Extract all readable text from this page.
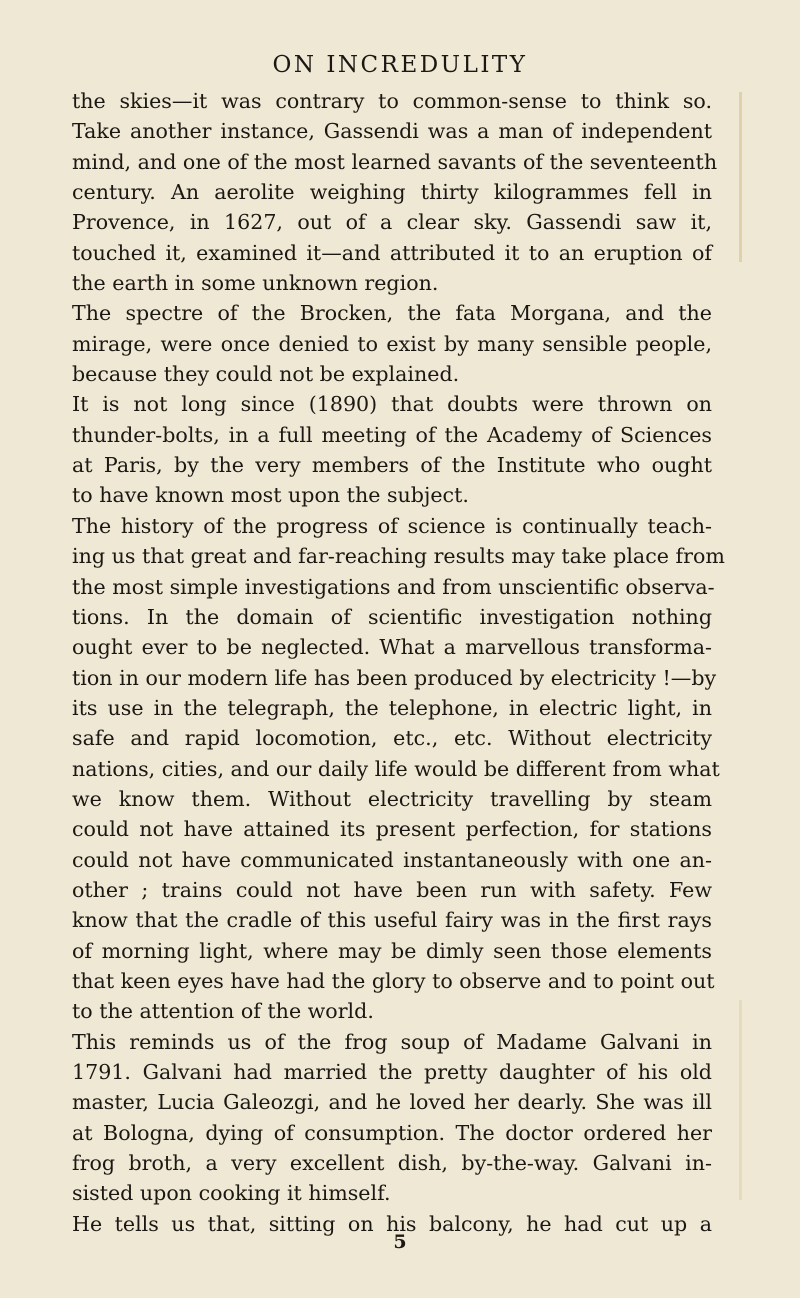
ON INCREDULITY
the skies—it was contrary to common-sense to think so.
Take another instance, Gassendi was a man of independent
mind, and one of the most learned savants of the seventeenth
century. An aerolite weighing thirty kilogrammes fell in
Provence, in 1627, out of a clear sky. Gassendi saw it,
touched it, examined it—and attributed it to an eruption of
the earth in some unknown region.
The spectre of the Brocken, the fata Morgana, and the
mirage, were once denied to exist by many sensible people,
because they could not be explained.
It is not long since (1890) that doubts were thrown on
thunder-bolts, in a full meeting of the Academy of Sciences
at Paris, by the very members of the Institute who ought
to have known most upon the subject.
The history of the progress of science is continually teach-
ing us that great and far-reaching results may take place from
the most simple investigations and from unscientific observa-
tions. In the domain of scientific investigation nothing
ought ever to be neglected. What a marvellous transforma-
tion in our modern life has been produced by electricity !—by
its use in the telegraph, the telephone, in electric light, in
safe and rapid locomotion, etc., etc. Without electricity
nations, cities, and our daily life would be different from what
we know them. Without electricity travelling by steam
could not have attained its present perfection, for stations
could not have communicated instantaneously with one an-
other ; trains could not have been run with safety. Few
know that the cradle of this useful fairy was in the first rays
of morning light, where may be dimly seen those elements
that keen eyes have had the glory to observe and to point out
to the attention of the world.
This reminds us of the frog soup of Madame Galvani in
1791. Galvani had married the pretty daughter of his old
master, Lucia Galeozgi, and he loved her dearly. She was ill
at Bologna, dying of consumption. The doctor ordered her
frog broth, a very excellent dish, by-the-way. Galvani in-
sisted upon cooking it himself.
He tells us that, sitting on his balcony, he had cut up a
5
